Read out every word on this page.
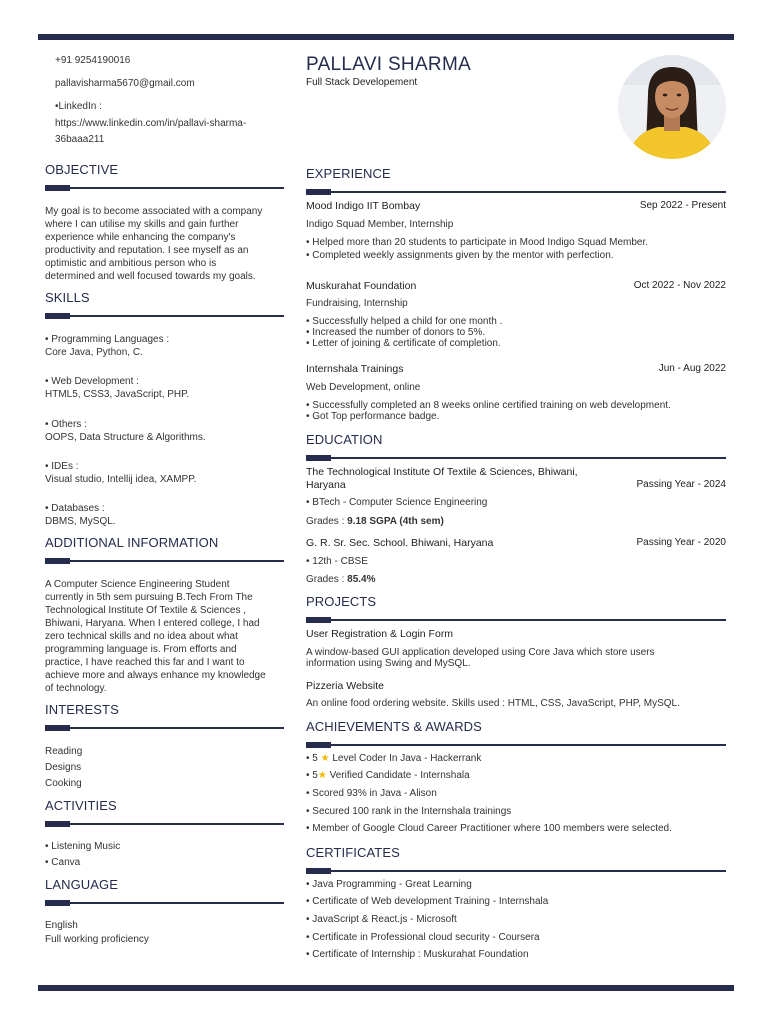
+91 9254190016
pallavisharma5670@gmail.com
•LinkedIn :
https://www.linkedin.com/in/pallavi-sharma-
36baaa211
OBJECTIVE
My goal is to become associated with a company
where I can utilise my skills and gain further
experience while enhancing the company's
productivity and reputation. I see myself as an
optimistic and ambitious person who is
determined and well focused towards my goals.
SKILLS
• Programming Languages :
Core Java, Python, C.
• Web Development :
HTML5, CSS3, JavaScript, PHP.
• Others :
OOPS, Data Structure & Algorithms.
• IDEs :
Visual studio, Intellij idea, XAMPP.
• Databases :
DBMS, MySQL.
ADDITIONAL INFORMATION
A Computer Science Engineering Student
currently in 5th sem pursuing B.Tech From The
Technological Institute Of Textile & Sciences ,
Bhiwani, Haryana. When I entered college, I had
zero technical skills and no idea about what
programming language is. From efforts and
practice, I have reached this far and I want to
achieve more and always enhance my knowledge
of technology.
INTERESTS
Reading
Designs
Cooking
ACTIVITIES
• Listening Music
• Canva
LANGUAGE
English
Full working proficiency
PALLAVI SHARMA
Full Stack Developement
EXPERIENCE
Mood Indigo IIT Bombay	Sep 2022 - Present
Indigo Squad Member, Internship
• Helped more than 20 students to participate in Mood Indigo Squad Member.
• Completed weekly assignments given by the mentor with perfection.
Muskurahat Foundation	Oct 2022 - Nov 2022
Fundraising, Internship
• Successfully helped a child for one month .
• Increased the number of donors to 5%.
• Letter of joining & certificate of completion.
Internshala Trainings	Jun - Aug 2022
Web Development, online
• Successfully completed an 8 weeks online certified training on web development.
• Got Top performance badge.
EDUCATION
The Technological Institute Of Textile & Sciences, Bhiwani,
Haryana	Passing Year - 2024
• BTech - Computer Science Engineering
Grades : 9.18 SGPA (4th sem)
G. R. Sr. Sec. School. Bhiwani, Haryana	Passing Year - 2020
• 12th - CBSE
Grades : 85.4%
PROJECTS
User Registration & Login Form
A window-based GUI application developed using Core Java which store users
information using Swing and MySQL.
Pizzeria Website
An online food ordering website. Skills used : HTML, CSS, JavaScript, PHP, MySQL.
ACHIEVEMENTS & AWARDS
• 5 ★ Level Coder In Java - Hackerrank
• 5★ Verified Candidate - Internshala
• Scored 93% in Java - Alison
• Secured 100 rank in the Internshala trainings
• Member of Google Cloud Career Practitioner where 100 members were selected.
CERTIFICATES
• Java Programming - Great Learning
• Certificate of Web development Training - Internshala
• JavaScript & React.js - Microsoft
• Certificate in Professional cloud security - Coursera
• Certificate of Internship : Muskurahat Foundation
